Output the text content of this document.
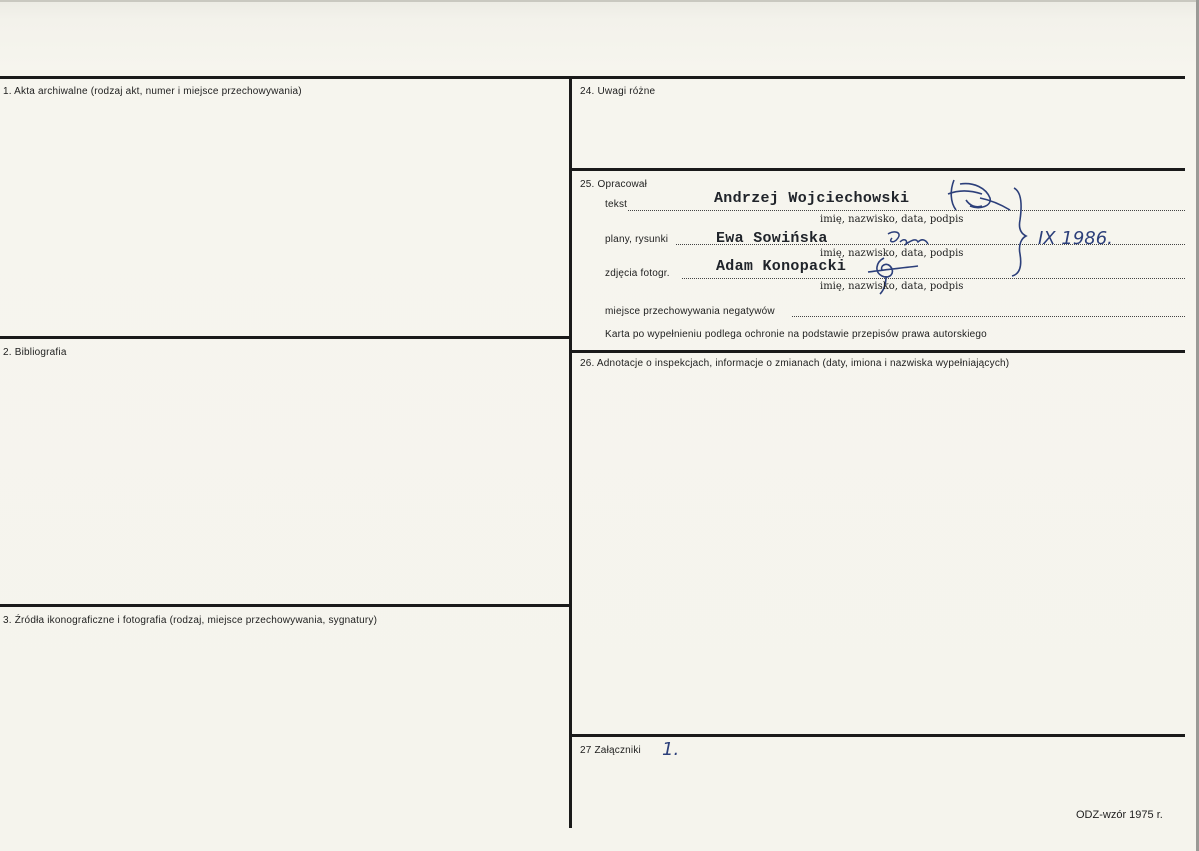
1. Akta archiwalne (rodzaj akt, numer i miejsce przechowywania)
2. Bibliografia
3. Źródła ikonograficzne i fotografia (rodzaj, miejsce przechowywania, sygnatury)
24. Uwagi różne
25. Opracował
tekst	Andrzej Wojciechowski
imię, nazwisko, data, podpis
plany, rysunki	Ewa Sowińska
imię, nazwisko, data, podpis
zdjęcia fotogr.	Adam Konopacki
imię, nazwisko, data, podpis
IX 1986.
miejsce przechowywania negatywów
Karta po wypełnieniu podlega ochronie na podstawie przepisów prawa autorskiego
26. Adnotacje o inspekcjach, informacje o zmianach (daty, imiona i nazwiska wypełniających)
27 Załączniki 1.
ODZ-wzór 1975 r.
